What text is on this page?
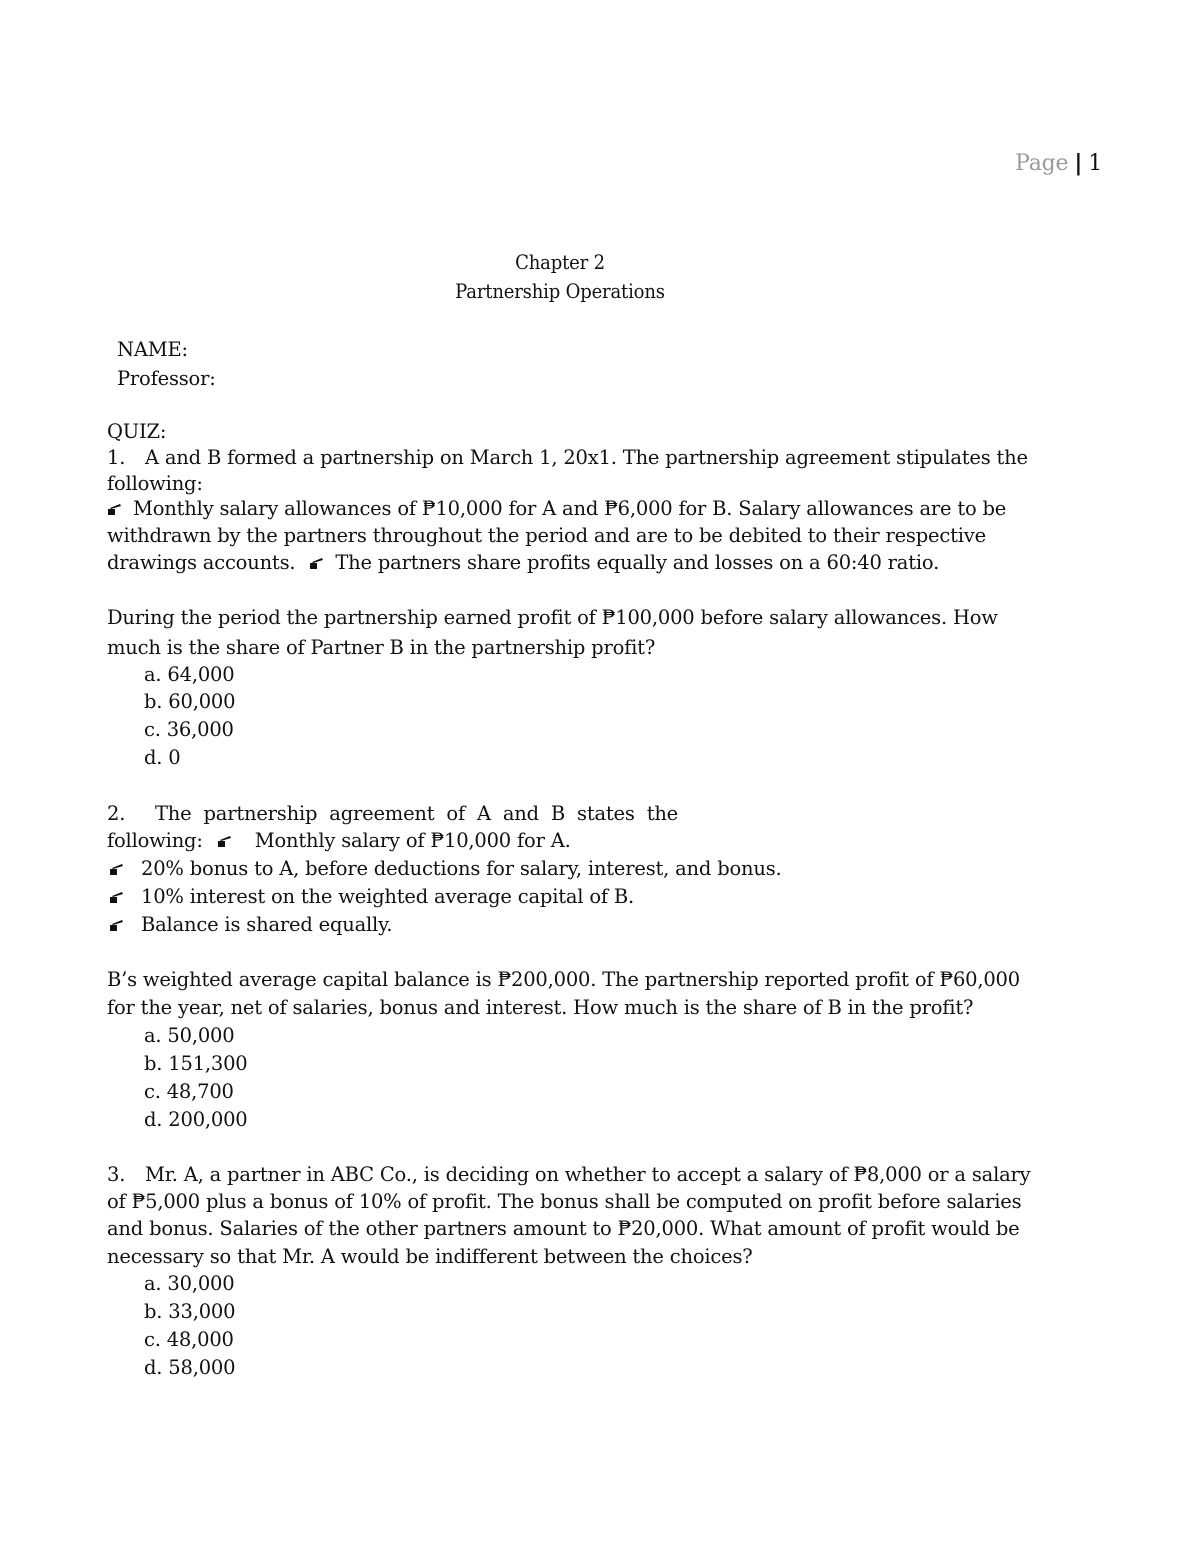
Page | 1
Chapter 2
Partnership Operations
NAME:
Professor:
QUIZ:
1. A and B formed a partnership on March 1, 20x1. The partnership agreement stipulates the
following:
Monthly salary allowances of ₱10,000 for A and ₱6,000 for B. Salary allowances are to be
withdrawn by the partners throughout the period and are to be debited to their respective
drawings accounts. The partners share profits equally and losses on a 60:40 ratio.
During the period the partnership earned profit of ₱100,000 before salary allowances. How
much is the share of Partner B in the partnership profit?
a. 64,000
b. 60,000
c. 36,000
d. 0
2. The partnership agreement of A and B states the
following:	Monthly salary of ₱10,000 for A.
20% bonus to A, before deductions for salary, interest, and bonus.
10% interest on the weighted average capital of B.
Balance is shared equally.
B’s weighted average capital balance is ₱200,000. The partnership reported profit of ₱60,000
for the year, net of salaries, bonus and interest. How much is the share of B in the profit?
a. 50,000
b. 151,300
c. 48,700
d. 200,000
3. Mr. A, a partner in ABC Co., is deciding on whether to accept a salary of ₱8,000 or a salary
of ₱5,000 plus a bonus of 10% of profit. The bonus shall be computed on profit before salaries
and bonus. Salaries of the other partners amount to ₱20,000. What amount of profit would be
necessary so that Mr. A would be indifferent between the choices?
a. 30,000
b. 33,000
c. 48,000
d. 58,000
